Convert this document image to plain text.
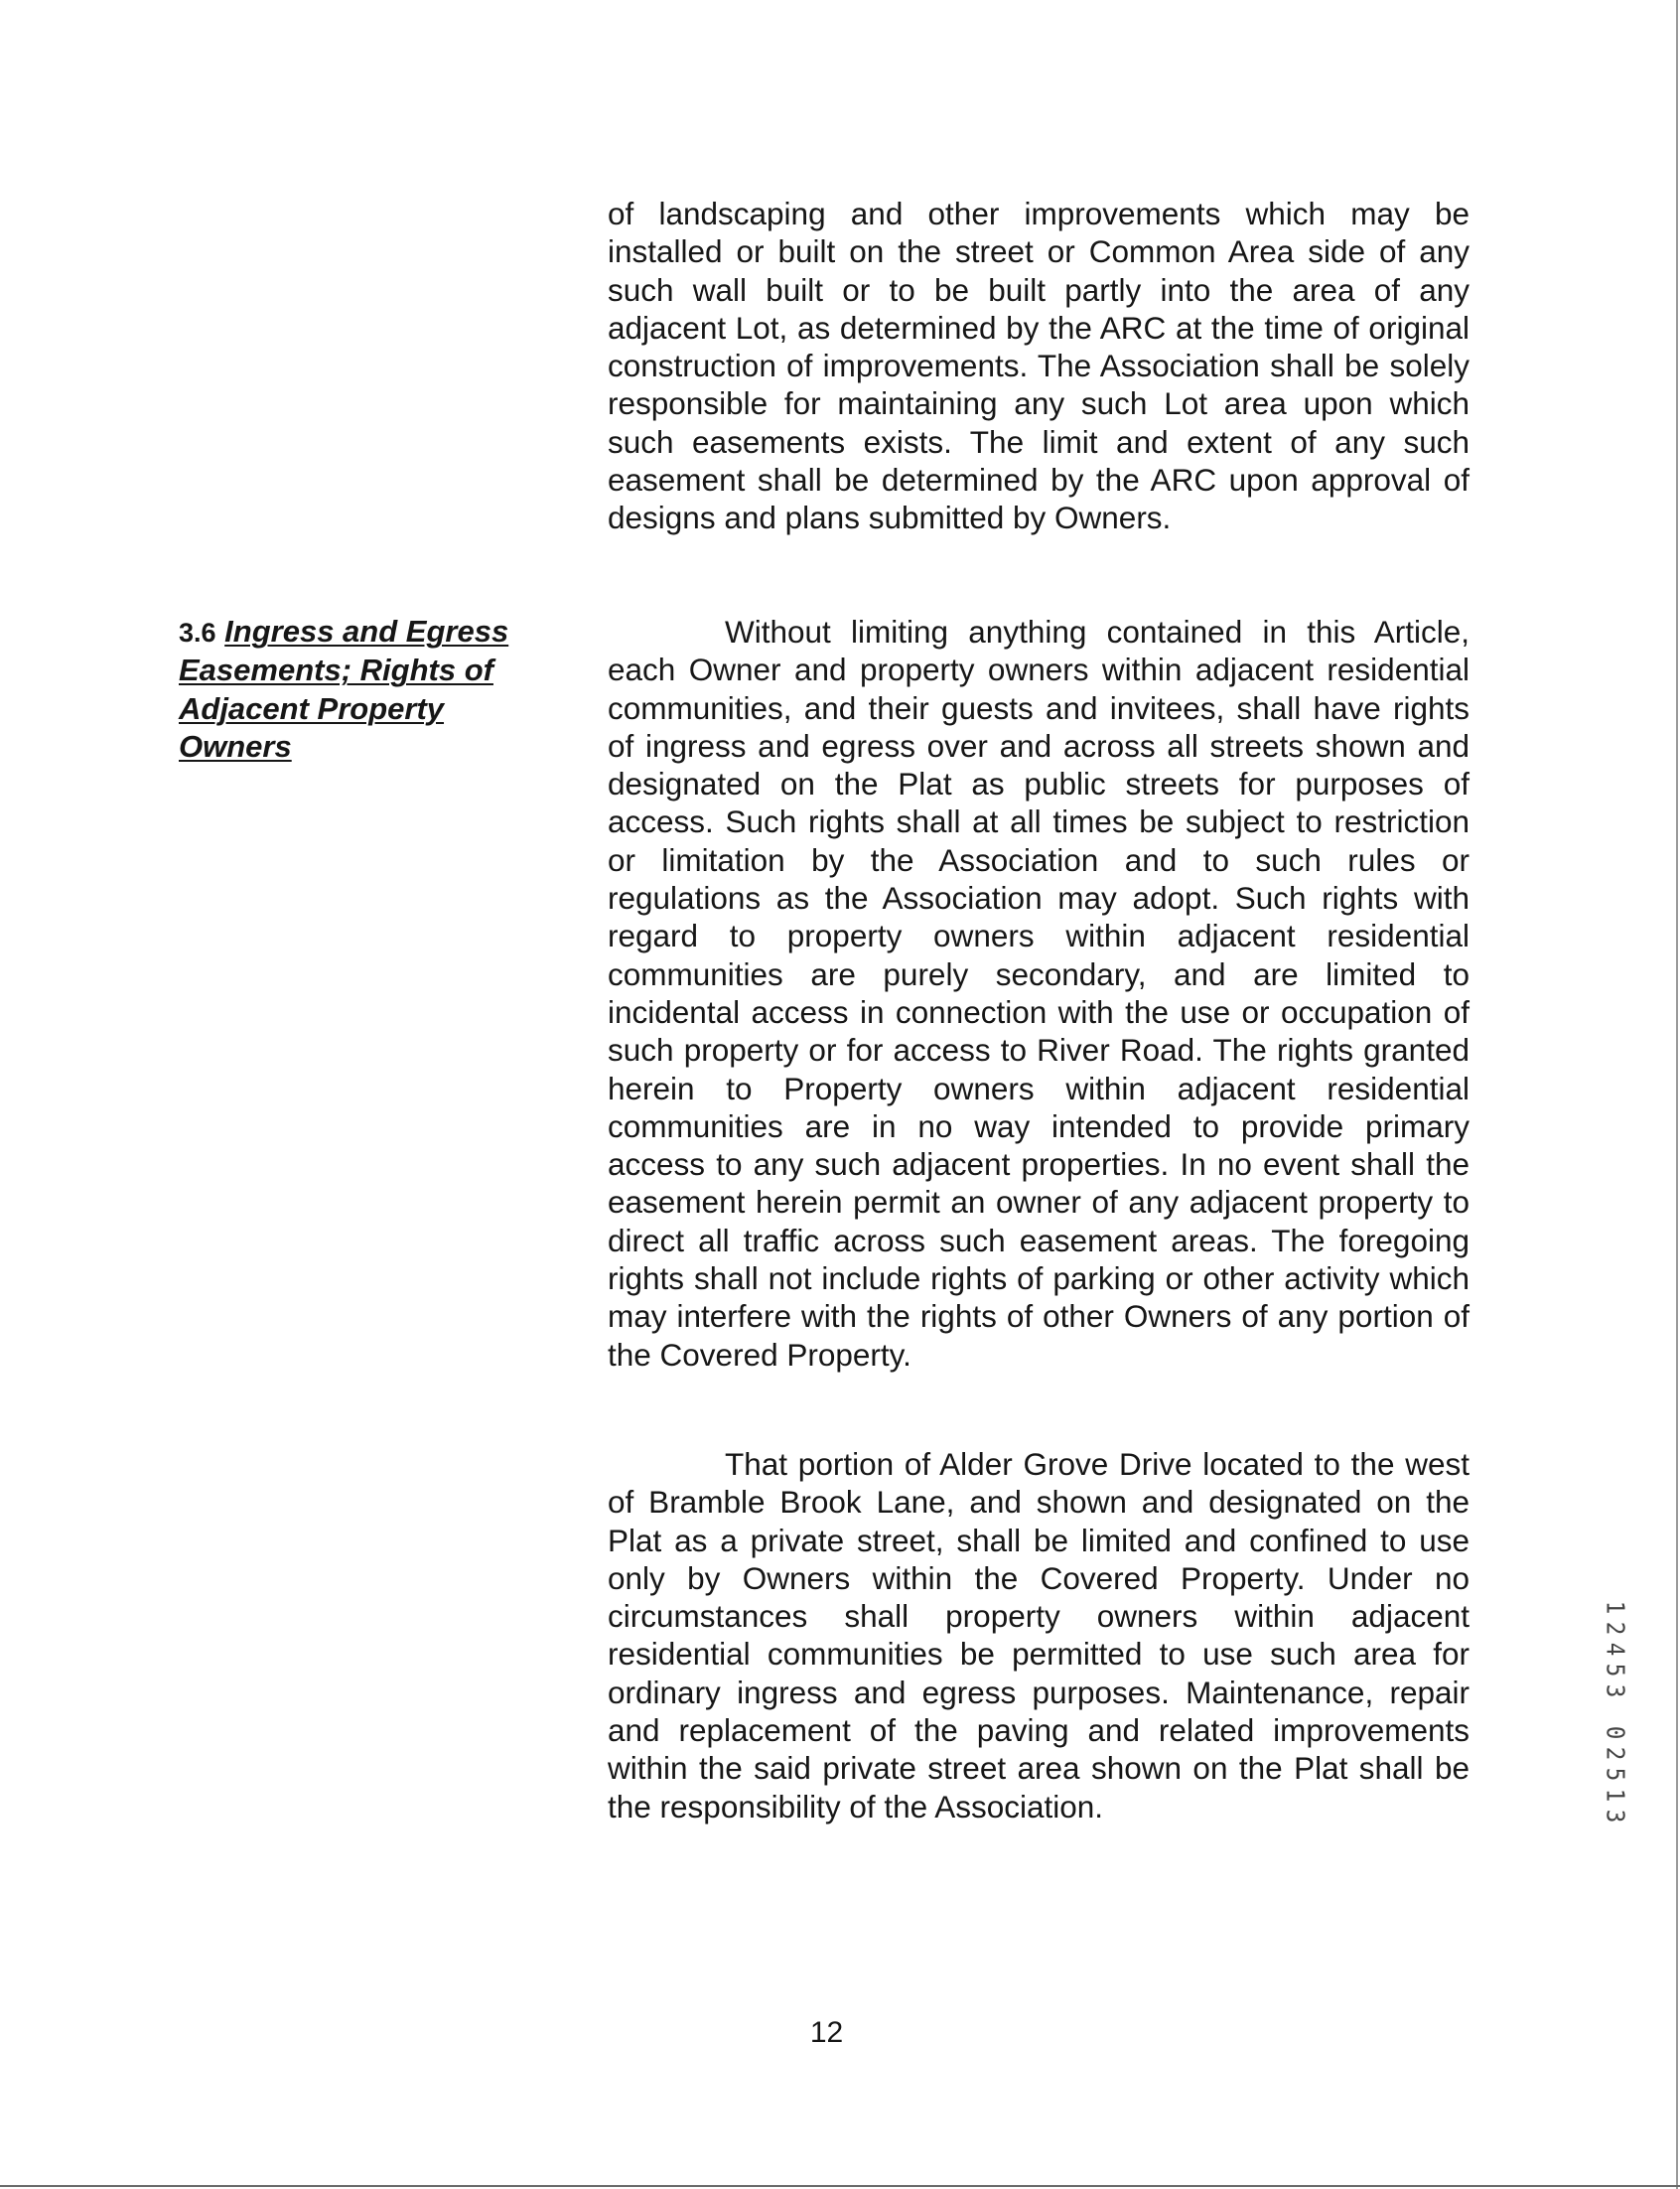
of landscaping and other improvements which may be installed or built on the street or Common Area side of any such wall built or to be built partly into the area of any adjacent Lot, as determined by the ARC at the time of original construction of improvements. The Association shall be solely responsible for maintaining any such Lot area upon which such easements exists. The limit and extent of any such easement shall be determined by the ARC upon approval of designs and plans submitted by Owners.

3.6 Ingress and Egress Easements; Rights of Adjacent Property Owners

Without limiting anything contained in this Article, each Owner and property owners within adjacent residential communities, and their guests and invitees, shall have rights of ingress and egress over and across all streets shown and designated on the Plat as public streets for purposes of access. Such rights shall at all times be subject to restriction or limitation by the Association and to such rules or regulations as the Association may adopt. Such rights with regard to property owners within adjacent residential communities are purely secondary, and are limited to incidental access in connection with the use or occupation of such property or for access to River Road. The rights granted herein to Property owners within adjacent residential communities are in no way intended to provide primary access to any such adjacent properties. In no event shall the easement herein permit an owner of any adjacent property to direct all traffic across such easement areas. The foregoing rights shall not include rights of parking or other activity which may interfere with the rights of other Owners of any portion of the Covered Property.

That portion of Alder Grove Drive located to the west of Bramble Brook Lane, and shown and designated on the Plat as a private street, shall be limited and confined to use only by Owners within the Covered Property. Under no circumstances shall property owners within adjacent residential communities be permitted to use such area for ordinary ingress and egress purposes. Maintenance, repair and replacement of the paving and related improvements within the said private street area shown on the Plat shall be the responsibility of the Association.

12

1
2
4
5
3
0
2
5
1
3
